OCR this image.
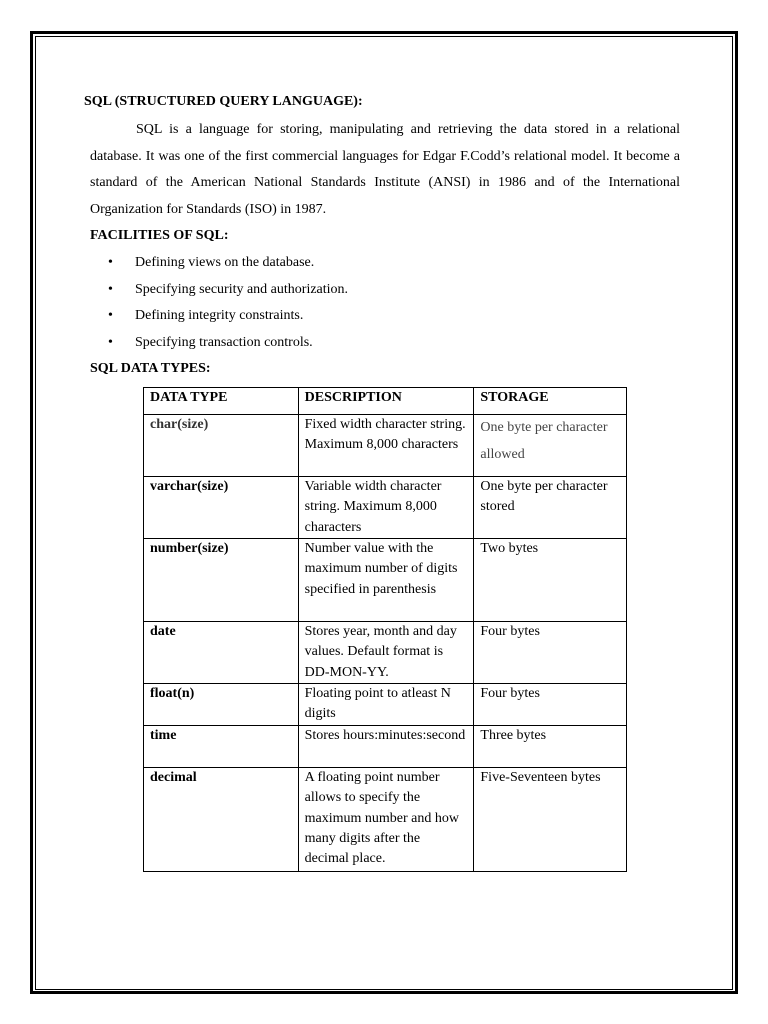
SQL (STRUCTURED QUERY LANGUAGE):

SQL is a language for storing, manipulating and retrieving the data stored in a relational database. It was one of the first commercial languages for Edgar F.Codd’s relational model. It become a standard of the American National Standards Institute (ANSI) in 1986 and of the International Organization for Standards (ISO) in 1987.

FACILITIES OF SQL:

• Defining views on the database.
• Specifying security and authorization.
• Defining integrity constraints.
• Specifying transaction controls.

SQL DATA TYPES:

DATA TYPE	DESCRIPTION	STORAGE
char(size)	Fixed width character string. Maximum 8,000 characters	One byte per character allowed
varchar(size)	Variable width character string. Maximum 8,000 characters	One byte per character stored
number(size)	Number value with the maximum number of digits specified in parenthesis	Two bytes
date	Stores year, month and day values. Default format is DD-MON-YY.	Four bytes
float(n)	Floating point to atleast N digits	Four bytes
time	Stores hours:minutes:second	Three bytes
decimal	A floating point number allows to specify the maximum number and how many digits after the decimal place.	Five-Seventeen bytes
